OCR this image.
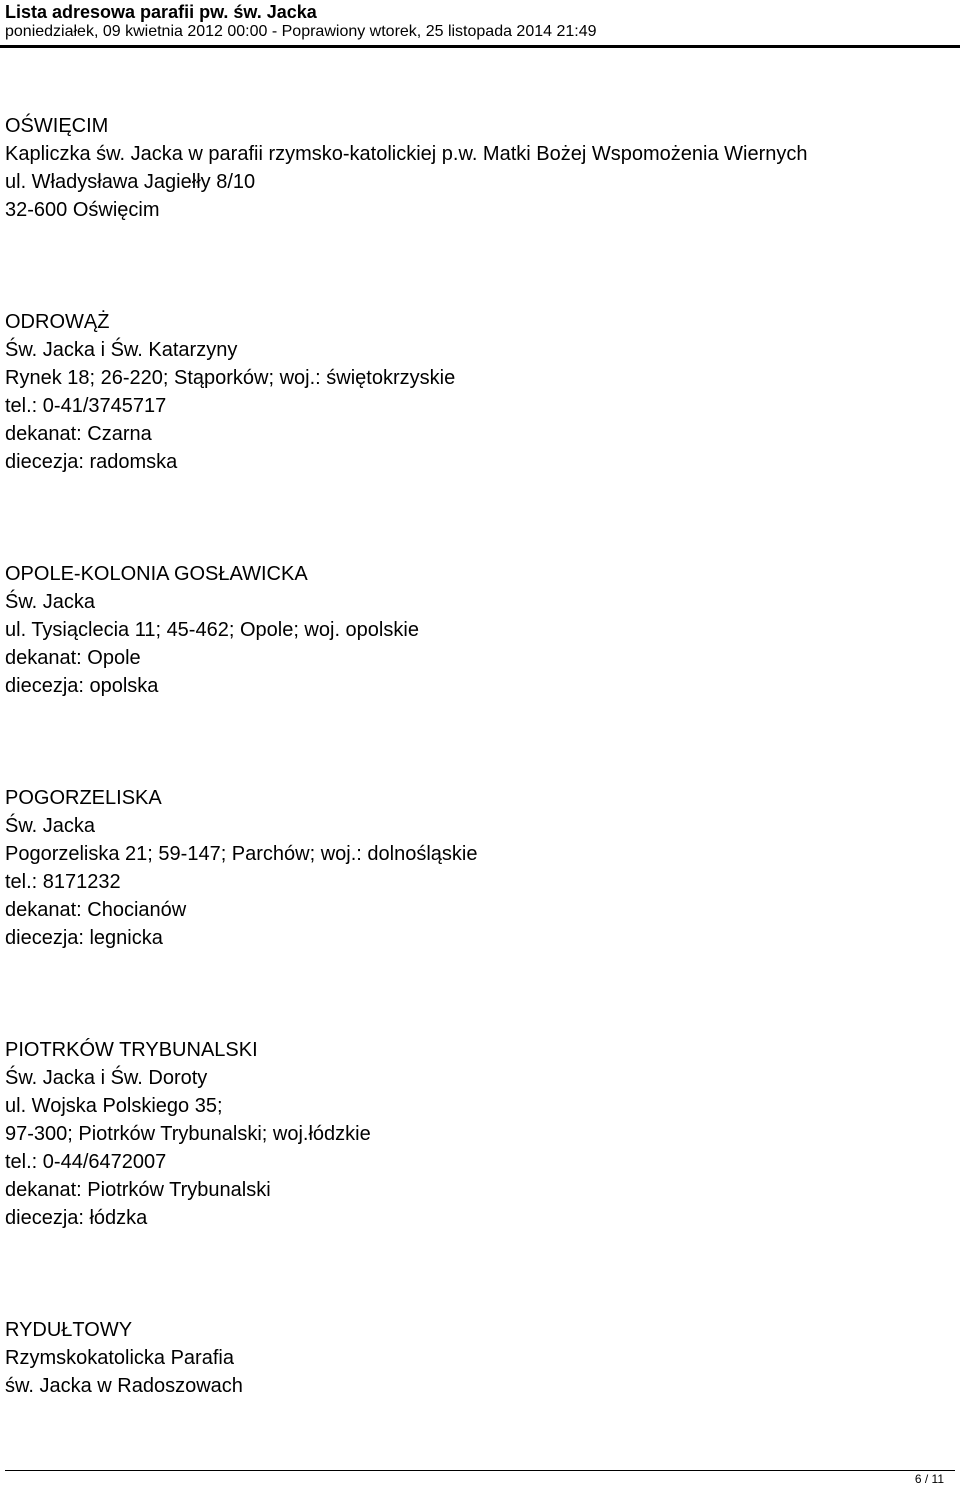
Lista adresowa parafii pw. św. Jacka
poniedziałek, 09 kwietnia 2012 00:00 - Poprawiony wtorek, 25 listopada 2014 21:49
OŚWIĘCIM
Kapliczka św. Jacka w parafii rzymsko-katolickiej p.w. Matki Bożej Wspomożenia Wiernych
ul. Władysława Jagiełły 8/10
32-600 Oświęcim
ODROWĄŻ
Św. Jacka i Św. Katarzyny
Rynek 18; 26-220; Stąporków; woj.: świętokrzyskie
tel.: 0-41/3745717
dekanat: Czarna
diecezja: radomska
OPOLE-KOLONIA GOSŁAWICKA
Św. Jacka
ul. Tysiąclecia 11; 45-462; Opole; woj. opolskie
dekanat: Opole
diecezja: opolska
POGORZELISKA
Św. Jacka
Pogorzeliska 21; 59-147; Parchów; woj.: dolnośląskie
tel.: 8171232
dekanat: Chocianów
diecezja: legnicka
PIOTRKÓW TRYBUNALSKI
Św. Jacka i Św. Doroty
ul. Wojska Polskiego 35;
97-300; Piotrków Trybunalski; woj.łódzkie
tel.: 0-44/6472007
dekanat: Piotrków Trybunalski
diecezja: łódzka
RYDUŁTOWY
Rzymskokatolicka Parafia
św. Jacka w Radoszowach
6 / 11
